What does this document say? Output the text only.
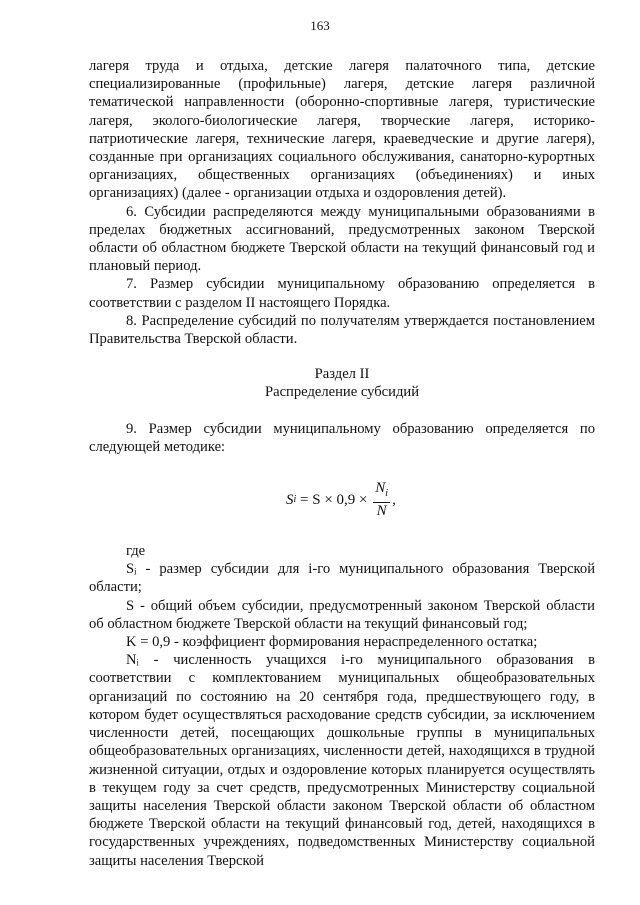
163

лагеря труда и отдыха, детские лагеря палаточного типа, детские специализированные (профильные) лагеря, детские лагеря различной тематической направленности (оборонно-спортивные лагеря, туристические лагеря, эколого-биологические лагеря, творческие лагеря, историко-патриотические лагеря, технические лагеря, краеведческие и другие лагеря), созданные при организациях социального обслуживания, санаторно-курортных организациях, общественных организациях (объединениях) и иных организациях) (далее - организации отдыха и оздоровления детей).

6. Субсидии распределяются между муниципальными образованиями в пределах бюджетных ассигнований, предусмотренных законом Тверской области об областном бюджете Тверской области на текущий финансовый год и плановый период.

7. Размер субсидии муниципальному образованию определяется в соответствии с разделом II настоящего Порядка.

8. Распределение субсидий по получателям утверждается постановлением Правительства Тверской области.

Раздел II

Распределение субсидий

9. Размер субсидии муниципальному образованию определяется по следующей методике:

S $i = S \times 0,9 \times \frac{N_i}{N}$ ,

где

Sᵢ - размер субсидии для i-го муниципального образования Тверской области;

S - общий объем субсидии, предусмотренный законом Тверской области об областном бюджете Тверской области на текущий финансовый год;

K = 0,9 - коэффициент формирования нераспределенного остатка;

Nᵢ - численность учащихся i-го муниципального образования в соответствии с комплектованием муниципальных общеобразовательных организаций по состоянию на 20 сентября года, предшествующего году, в котором будет осуществляться расходование средств субсидии, за исключением численности детей, посещающих дошкольные группы в муниципальных общеобразовательных организациях, численности детей, находящихся в трудной жизненной ситуации, отдых и оздоровление которых планируется осуществлять в текущем году за счет средств, предусмотренных Министерству социальной защиты населения Тверской области законом Тверской области об областном бюджете Тверской области на текущий финансовый год, детей, находящихся в государственных учреждениях, подведомственных Министерству социальной защиты населения Тверской
